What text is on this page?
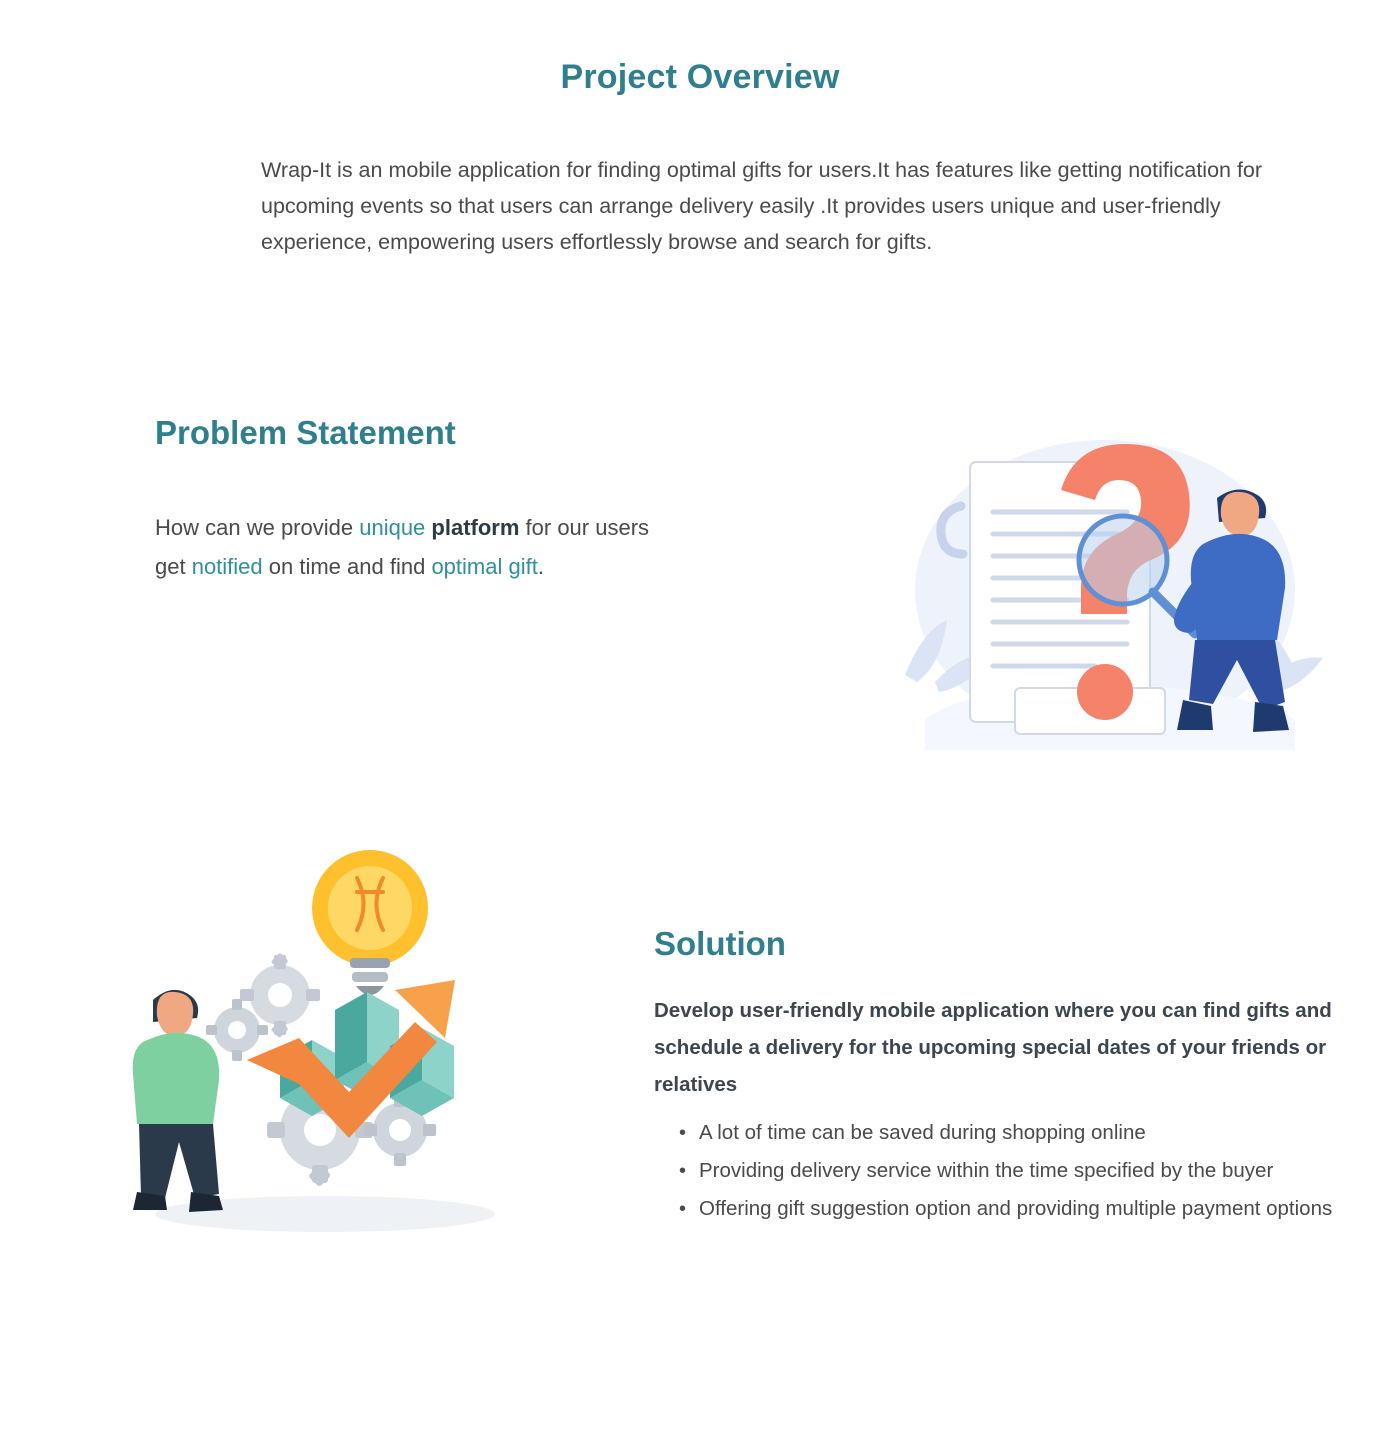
Project Overview
Wrap-It is an mobile application for finding optimal gifts for users.It has features like getting notification for upcoming events so that users can arrange delivery easily .It provides users unique and user-friendly experience, empowering users effortlessly browse and search for gifts.
Problem Statement
How can we provide unique platform for our users
get notified on time and find optimal gift.
Solution
Develop user-friendly mobile application where you can find gifts and schedule a delivery for the upcoming special dates of your friends or relatives
• A lot of time can be saved during shopping online
• Providing delivery service within the time specified by the buyer
• Offering gift suggestion option and providing multiple payment options
